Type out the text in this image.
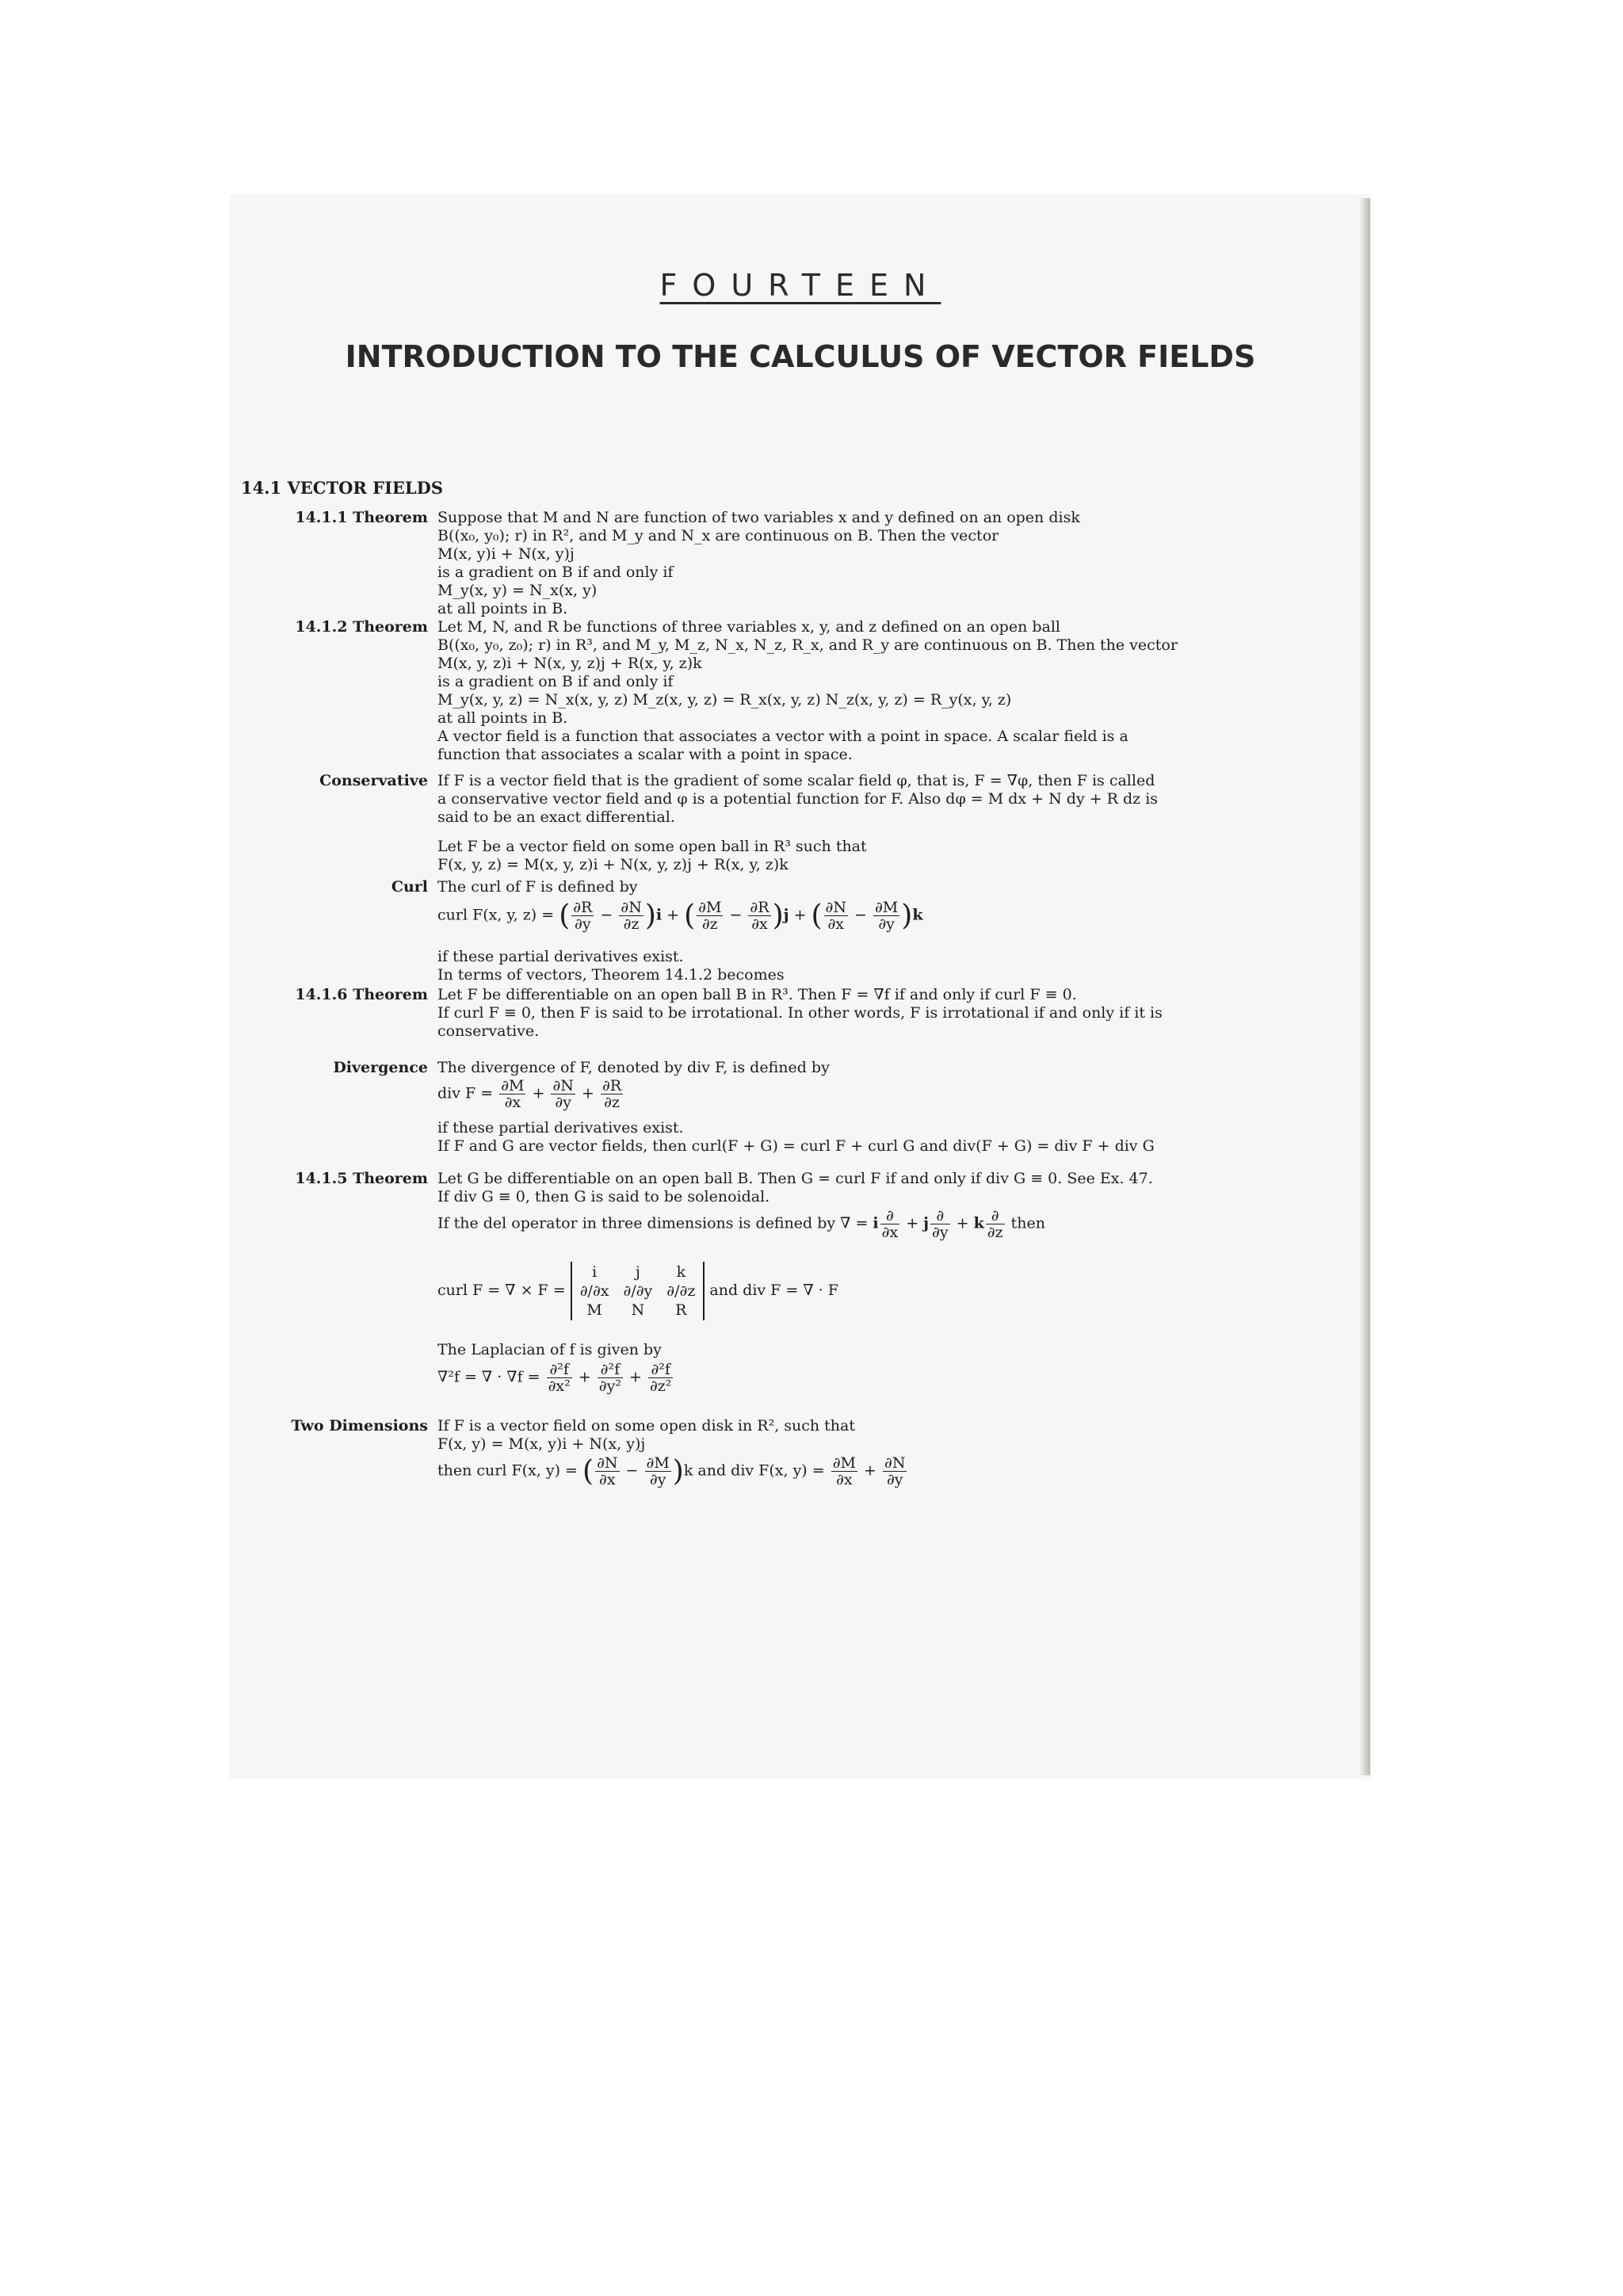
FOURTEEN
INTRODUCTION TO THE CALCULUS OF VECTOR FIELDS
14.1 VECTOR FIELDS
14.1.1 Theorem Suppose that M and N are function of two variables x and y defined on an open disk
B((x₀, y₀); r) in R², and M_y and N_x are continuous on B. Then the vector
M(x, y)i + N(x, y)j
is a gradient on B if and only if
M_y(x, y) = N_x(x, y)
at all points in B.
14.1.2 Theorem Let M, N, and R be functions of three variables x, y, and z defined on an open ball
B((x₀, y₀, z₀); r) in R³, and M_y, M_z, N_x, N_z, R_x, and R_y are continuous on B. Then the vector
M(x, y, z)i + N(x, y, z)j + R(x, y, z)k
is a gradient on B if and only if
M_y(x, y, z) = N_x(x, y, z) M_z(x, y, z) = R_x(x, y, z) N_z(x, y, z) = R_y(x, y, z)
at all points in B.
A vector field is a function that associates a vector with a point in space. A scalar field is a
function that associates a scalar with a point in space.
Conservative If F is a vector field that is the gradient of some scalar field φ, that is, F = ∇φ, then F is called
a conservative vector field and φ is a potential function for F. Also dφ = M dx + N dy + R dz is
said to be an exact differential.
Let F be a vector field on some open ball in R³ such that
F(x, y, z) = M(x, y, z)i + N(x, y, z)j + R(x, y, z)k
Curl The curl of F is defined by
curl F(x, y, z) = ( $\frac{\partial R}{\partial y} - \frac{\partial N}{\partial z} )i$ + ( $\frac{\partial M}{\partial z} - \frac{\partial R}{\partial x} )j$ + ( $\frac{\partial N}{\partial x} - \frac{\partial M}{\partial y} )k$
if these partial derivatives exist.
In terms of vectors, Theorem 14.1.2 becomes
14.1.6 Theorem Let F be differentiable on an open ball B in R³. Then F = ∇f if and only if curl F ≡ 0.
If curl F ≡ 0, then F is said to be irrotational. In other words, F is irrotational if and only if it is
conservative.
Divergence The divergence of F, denoted by div F, is defined by
div $F = \frac{\partial M}{\partial x} + \frac{\partial N}{\partial y} + \frac{\partial R}{\partial z}$
if these partial derivatives exist.
If F and G are vector fields, then curl(F + G) = curl F + curl G and div(F + G) = div F + div G
14.1.5 Theorem Let G be differentiable on an open ball B. Then G = curl F if and only if div G ≡ 0. See Ex. 47.
If div G ≡ 0, then G is said to be solenoidal.
If the del operator in three dimensions is defined by ∇ = i $\frac{\partial}{\partial x} + j \frac{\partial}{\partial y} + k \frac{\partial}{\partial z}$ then
curl F = ∇ × F =
i	j	k
∂/∂x ∂/∂y ∂/∂z
M	N	R
and div F = ∇ · F
The Laplacian of f is given by
∇²f = ∇ · $\nabla f = \frac{\text{∂²f}}{\text{∂x²}} + \frac{\text{∂²f}}{\text{∂y²}} + \frac{\text{∂²f}}{\text{∂z²}}$
Two Dimensions If F is a vector field on some open disk in R², such that
F(x, y) = M(x, y)i + N(x, y)j
then curl F(x, y) = ( $\frac{\partial N}{\partial x} - \frac{\partial M}{\partial y} )k$ and div F(x, $y) = \frac{\partial M}{\partial x} + \frac{\partial N}{\partial y}$
